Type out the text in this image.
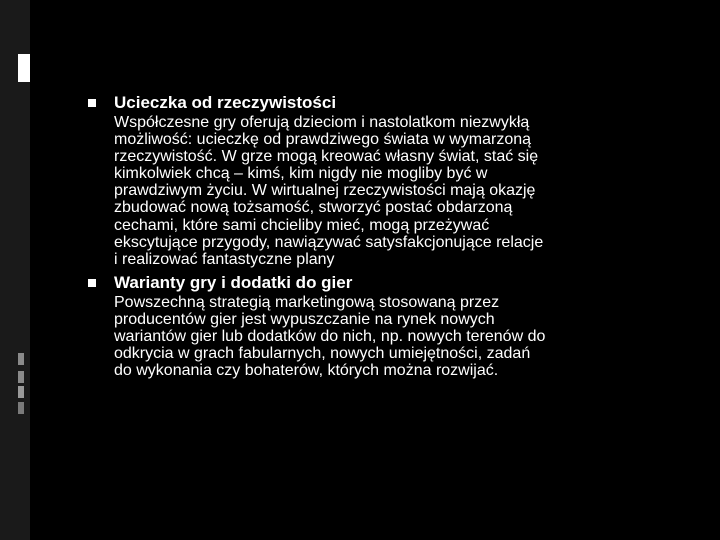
Ucieczka od rzeczywistości
Współczesne gry oferują dzieciom i nastolatkom niezwykłą
możliwość: ucieczkę od prawdziwego świata w wymarzoną
rzeczywistość. W grze mogą kreować własny świat, stać się
kimkolwiek chcą – kimś, kim nigdy nie mogliby być w
prawdziwym życiu. W wirtualnej rzeczywistości mają okazję
zbudować nową tożsamość, stworzyć postać obdarzoną
cechami, które sami chcieliby mieć, mogą przeżywać
ekscytujące przygody, nawiązywać satysfakcjonujące relacje
i realizować fantastyczne plany
Warianty gry i dodatki do gier
Powszechną strategią marketingową stosowaną przez
producentów gier jest wypuszczanie na rynek nowych
wariantów gier lub dodatków do nich, np. nowych terenów do
odkrycia w grach fabularnych, nowych umiejętności, zadań
do wykonania czy bohaterów, których można rozwijać.
